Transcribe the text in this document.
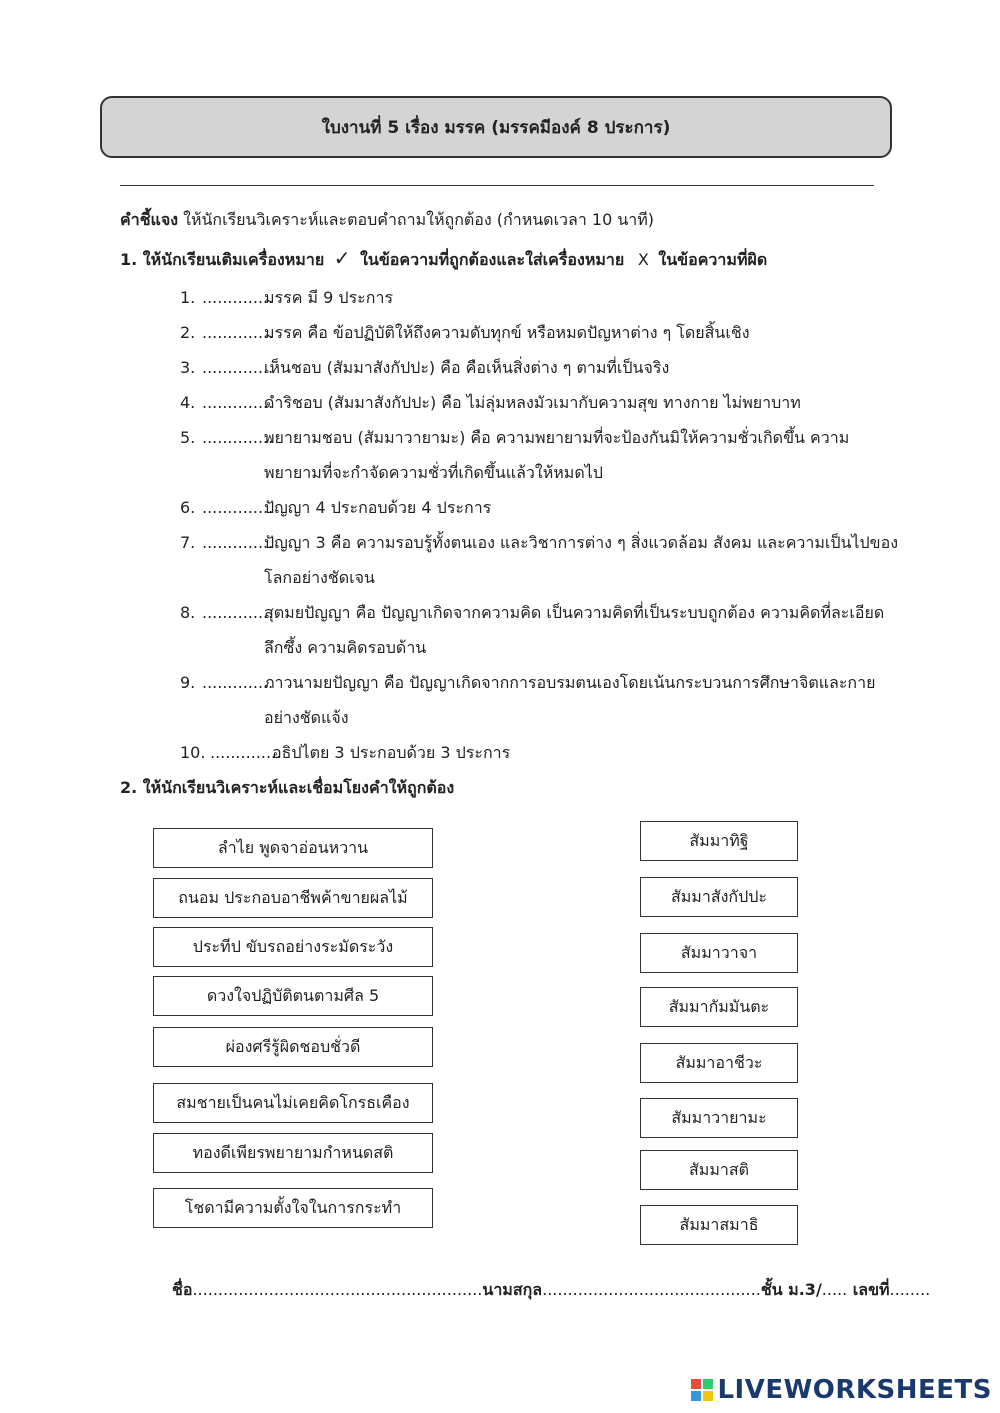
ใบงานที่ 5 เรื่อง มรรค (มรรคมีองค์ 8 ประการ)
คำชี้แจง ให้นักเรียนวิเคราะห์และตอบคำถามให้ถูกต้อง (กำหนดเวลา 10 นาที)
1. ให้นักเรียนเติมเครื่องหมาย ✓ ในข้อความที่ถูกต้องและใส่เครื่องหมาย X ในข้อความที่ผิด
1. ..............
มรรค มี 9 ประการ
2. ..............
มรรค คือ ข้อปฏิบัติให้ถึงความดับทุกข์ หรือหมดปัญหาต่าง ๆ โดยสิ้นเชิง
3. ..............
เห็นชอบ (สัมมาสังกัปปะ) คือ คือเห็นสิ่งต่าง ๆ ตามที่เป็นจริง
4. ..............
ดำริชอบ (สัมมาสังกัปปะ) คือ ไม่ลุ่มหลงมัวเมากับความสุข ทางกาย ไม่พยาบาท
5. ..............
พยายามชอบ (สัมมาวายามะ) คือ ความพยายามที่จะป้องกันมิให้ความชั่วเกิดขึ้น ความพยายามที่จะกำจัดความชั่วที่เกิดขึ้นแล้วให้หมดไป
6. ..............
ปัญญา 4 ประกอบด้วย 4 ประการ
7. ..............
ปัญญา 3 คือ ความรอบรู้ทั้งตนเอง และวิชาการต่าง ๆ สิ่งแวดล้อม สังคม และความเป็นไปของโลกอย่างชัดเจน
8. ..............
สุตมยปัญญา คือ ปัญญาเกิดจากความคิด เป็นความคิดที่เป็นระบบถูกต้อง ความคิดที่ละเอียดลึกซึ้ง ความคิดรอบด้าน
9. ..............
ภาวนามยปัญญา คือ ปัญญาเกิดจากการอบรมตนเองโดยเน้นกระบวนการศึกษาจิตและกายอย่างชัดแจ้ง
10. ..............
อธิปไตย 3 ประกอบด้วย 3 ประการ
2. ให้นักเรียนวิเคราะห์และเชื่อมโยงคำให้ถูกต้อง
ลำไย พูดจาอ่อนหวาน
ถนอม ประกอบอาชีพค้าขายผลไม้
ประทีป ขับรถอย่างระมัดระวัง
ดวงใจปฏิบัติตนตามศีล 5
ผ่องศรีรู้ผิดชอบชั่วดี
สมชายเป็นคนไม่เคยคิดโกรธเคือง
ทองดีเพียรพยายามกำหนดสติ
โชดามีความตั้งใจในการกระทำ
สัมมาทิฐิ
สัมมาสังกัปปะ
สัมมาวาจา
สัมมากัมมันตะ
สัมมาอาชีวะ
สัมมาวายามะ
สัมมาสติ
สัมมาสมาธิ
ชื่อ.........................................................นามสกุล...........................................ชั้น ม.3/..... เลขที่........
LIVEWORKSHEETS
